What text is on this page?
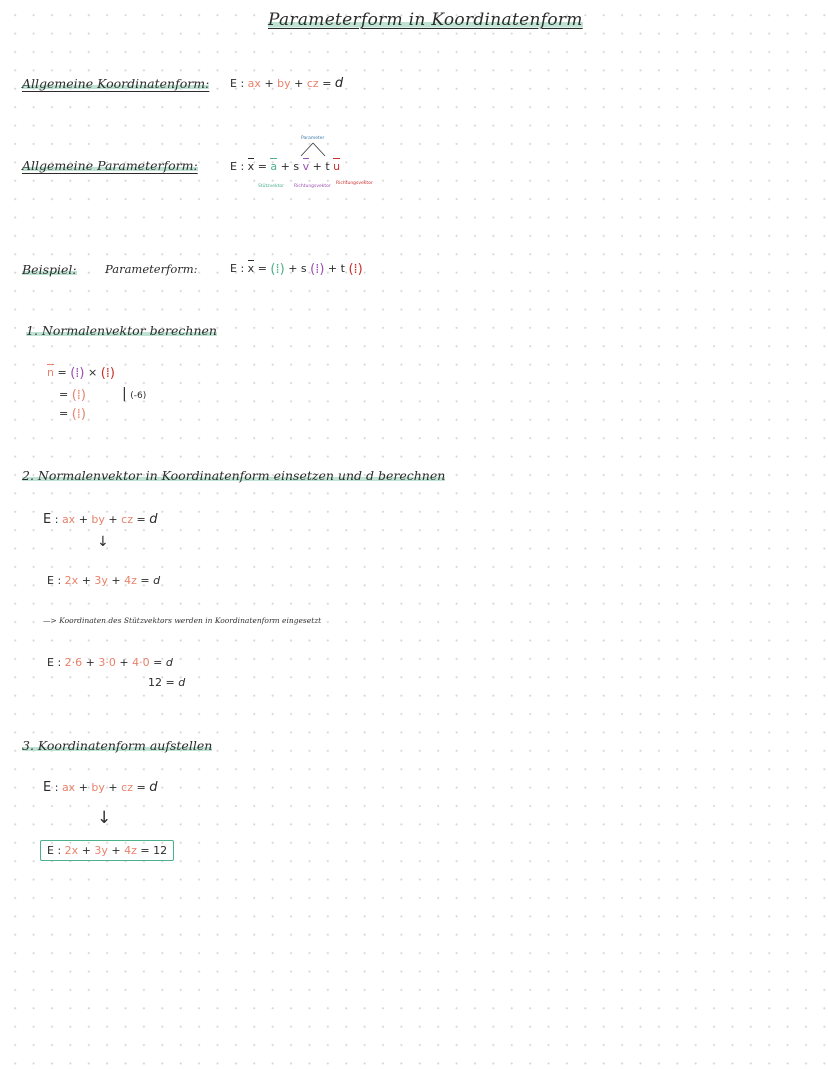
Parameterform in Koordinatenform
Allgemeine Koordinatenform: E : ax + by + cz = d
Allgemeine Parameterform:
Parameter
E : x = a + s v + t u
Stützvektor Richtungsvektor
Richtungsvektor
Beispiel: Parameterform:	E : x = (⁞) + s (⁞) + t (⁞)
1. Normalenvektor berechnen
n = (⁞) × (⁞)
= (⁞)	| (-6)
= (⁞)
2. Normalenvektor in Koordinatenform einsetzen und d berechnen
E : ax + by + cz = d
↓
E : 2x + 3y + 4z = d
—> Koordinaten des Stützvektors werden in Koordinatenform eingesetzt
E : 2·6 + 3·0 + 4·0 = d
12 = d
3. Koordinatenform aufstellen
E : ax + by + cz = d
↓
E : 2x + 3y + 4z = 12
